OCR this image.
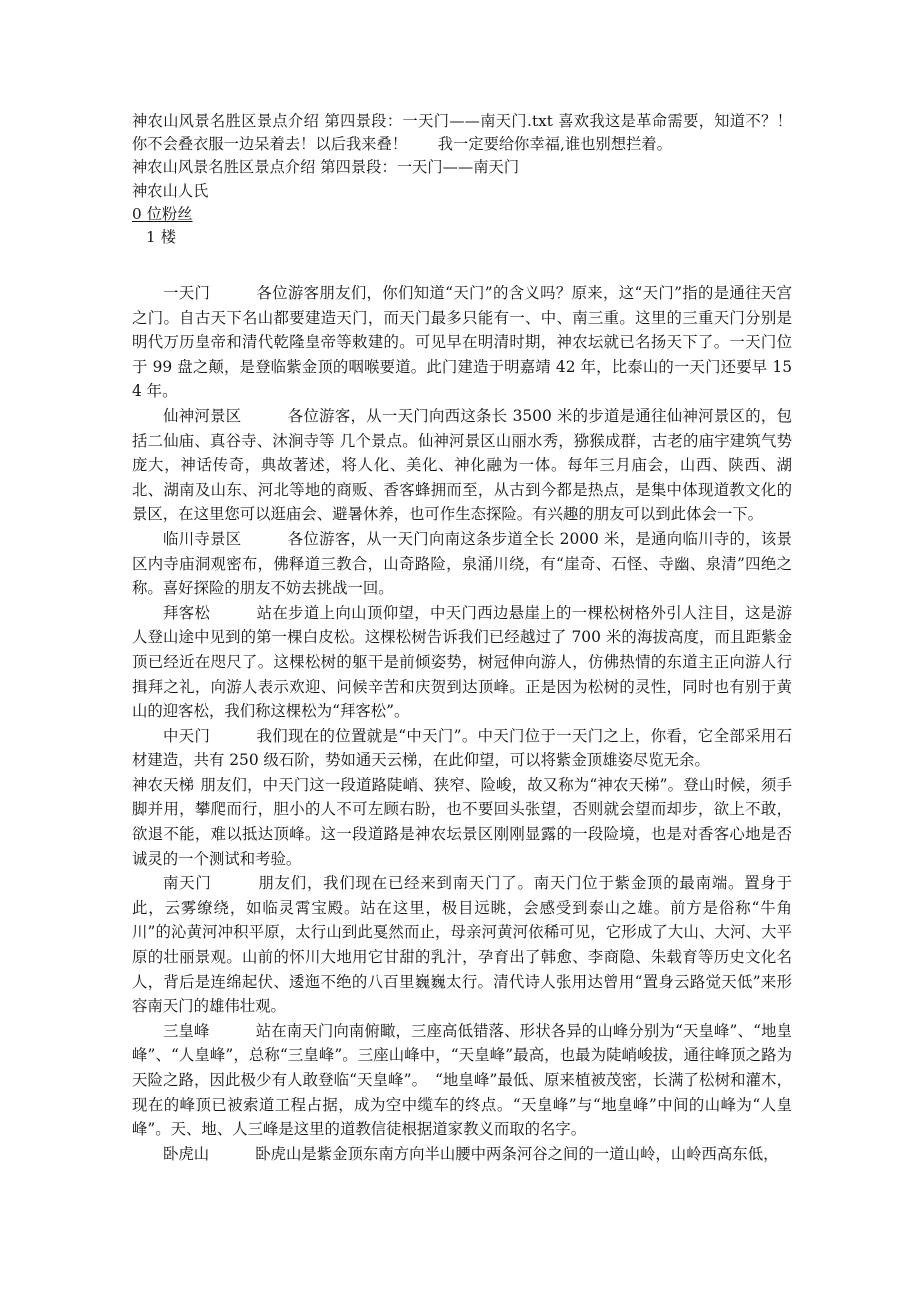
神农山风景名胜区景点介绍 第四景段：一天门——南天门.txt 喜欢我这是革命需要，知道不？！　　你不会叠衣服一边呆着去！以后我来叠！　　我一定要给你幸福,谁也别想拦着。
神农山风景名胜区景点介绍 第四景段：一天门——南天门
神农山人氏
0 位粉丝
1 楼

一天门	各位游客朋友们，你们知道“天门”的含义吗？原来，这“天门”指的是通往天宫之门。自古天下名山都要建造天门，而天门最多只能有一、中、南三重。这里的三重天门分别是明代万历皇帝和清代乾隆皇帝等敕建的。可见早在明清时期，神农坛就已名扬天下了。一天门位于 99 盘之颠，是登临紫金顶的咽喉要道。此门建造于明嘉靖 42 年，比泰山的一天门还要早 154 年。

仙神河景区	各位游客，从一天门向西这条长 3500 米的步道是通往仙神河景区的，包括二仙庙、真谷寺、沐涧寺等 几个景点。仙神河景区山丽水秀，猕猴成群，古老的庙宇建筑气势庞大，神话传奇，典故著述，将人化、美化、神化融为一体。每年三月庙会，山西、陕西、湖北、湖南及山东、河北等地的商贩、香客蜂拥而至，从古到今都是热点，是集中体现道教文化的景区，在这里您可以逛庙会、避暑休养，也可作生态探险。有兴趣的朋友可以到此体会一下。

临川寺景区	各位游客，从一天门向南这条步道全长 2000 米，是通向临川寺的，该景区内寺庙洞观密布，佛释道三教合，山奇路险，泉涌川绕，有“崖奇、石怪、寺幽、泉清”四绝之称。喜好探险的朋友不妨去挑战一回。

拜客松	站在步道上向山顶仰望，中天门西边悬崖上的一棵松树格外引人注目，这是游人登山途中见到的第一棵白皮松。这棵松树告诉我们已经越过了 700 米的海拔高度，而且距紫金顶已经近在咫尺了。这棵松树的躯干是前倾姿势，树冠伸向游人，仿佛热情的东道主正向游人行揖拜之礼，向游人表示欢迎、问候辛苦和庆贺到达顶峰。正是因为松树的灵性，同时也有别于黄山的迎客松，我们称这棵松为“拜客松”。

中天门	我们现在的位置就是“中天门”。中天门位于一天门之上，你看，它全部采用石材建造，共有 250 级石阶，势如通天云梯，在此仰望，可以将紫金顶雄姿尽览无余。

神农天梯 朋友们，中天门这一段道路陡峭、狭窄、险峻，故又称为“神农天梯”。登山时候，须手脚并用，攀爬而行，胆小的人不可左顾右盼，也不要回头张望，否则就会望而却步，欲上不敢，欲退不能，难以抵达顶峰。这一段道路是神农坛景区刚刚显露的一段险境，也是对香客心地是否诚灵的一个测试和考验。

南天门	朋友们，我们现在已经来到南天门了。南天门位于紫金顶的最南端。置身于此，云雾缭绕，如临灵霄宝殿。站在这里，极目远眺，会感受到泰山之雄。前方是俗称“牛角川”的沁黄河冲积平原，太行山到此戛然而止，母亲河黄河依稀可见，它形成了大山、大河、大平原的壮丽景观。山前的怀川大地用它甘甜的乳汁，孕育出了韩愈、李商隐、朱载育等历史文化名人，背后是连绵起伏、逶迤不绝的八百里巍巍太行。清代诗人张用达曾用“置身云路觉天低”来形容南天门的雄伟壮观。

三皇峰	站在南天门向南俯瞰，三座高低错落、形状各异的山峰分别为“天皇峰”、“地皇峰”、“人皇峰”，总称“三皇峰”。三座山峰中，“天皇峰”最高，也最为陡峭峻拔，通往峰顶之路为天险之路，因此极少有人敢登临“天皇峰”。　“地皇峰”最低、原来植被茂密，长满了松树和灌木，现在的峰顶已被索道工程占据，成为空中缆车的终点。“天皇峰”与“地皇峰”中间的山峰为“人皇峰”。天、地、人三峰是这里的道教信徒根据道家教义而取的名字。

卧虎山	卧虎山是紫金顶东南方向半山腰中两条河谷之间的一道山岭，山岭西高东低，
